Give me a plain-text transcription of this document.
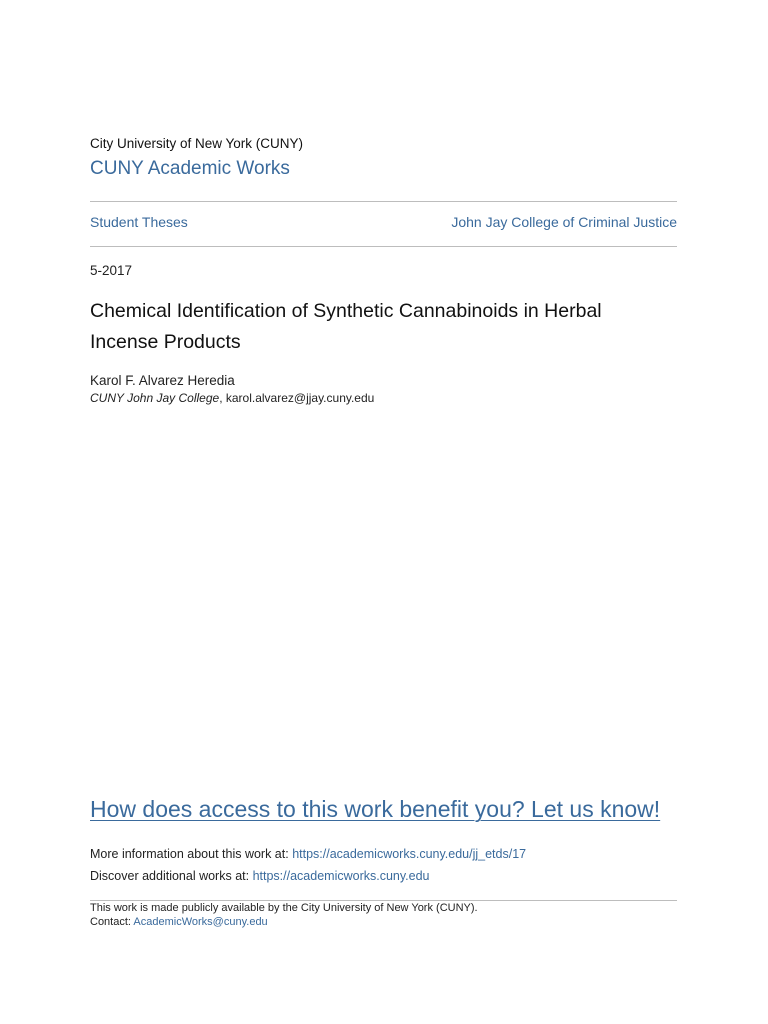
City University of New York (CUNY)
CUNY Academic Works
Student Theses	John Jay College of Criminal Justice
5-2017
Chemical Identification of Synthetic Cannabinoids in Herbal Incense Products
Karol F. Alvarez Heredia
CUNY John Jay College, karol.alvarez@jjay.cuny.edu
How does access to this work benefit you? Let us know!
More information about this work at: https://academicworks.cuny.edu/jj_etds/17
Discover additional works at: https://academicworks.cuny.edu
This work is made publicly available by the City University of New York (CUNY).
Contact: AcademicWorks@cuny.edu
